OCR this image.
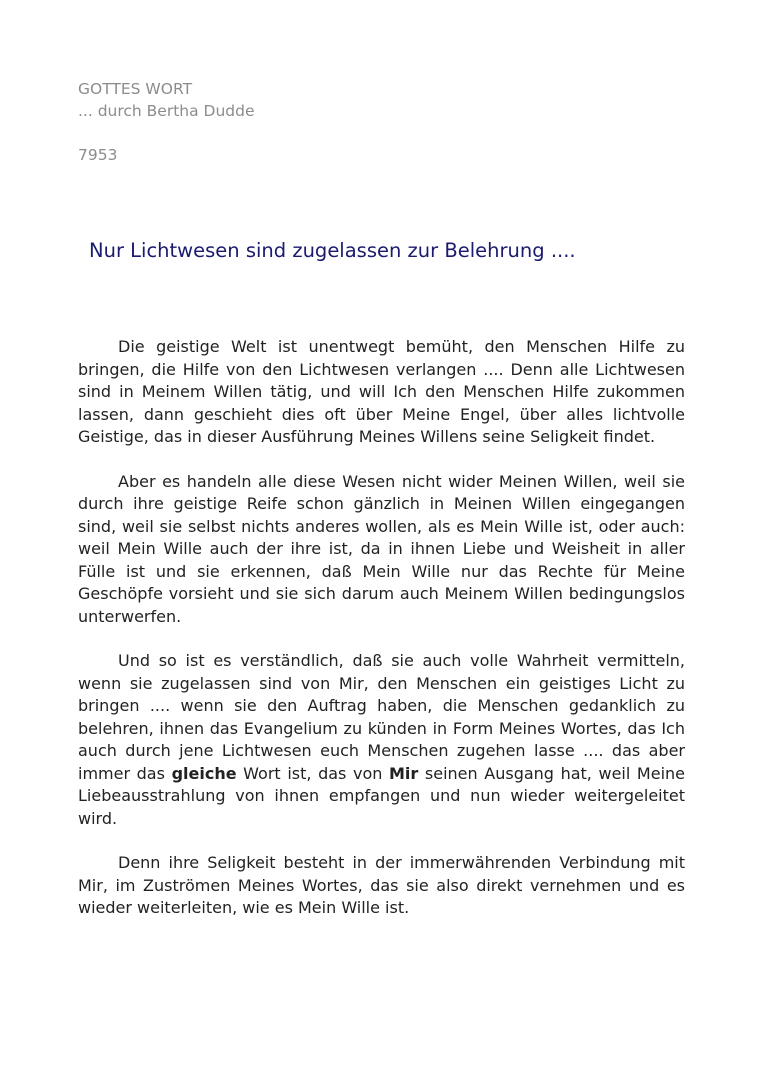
GOTTES WORT
... durch Bertha Dudde
7953
Nur Lichtwesen sind zugelassen zur Belehrung ....

Die geistige Welt ist unentwegt bemüht, den Menschen Hilfe zu bringen, die Hilfe von den Lichtwesen verlangen .... Denn alle Lichtwesen sind in Meinem Willen tätig, und will Ich den Menschen Hilfe zukommen lassen, dann geschieht dies oft über Meine Engel, über alles lichtvolle Geistige, das in dieser Ausführung Meines Willens seine Seligkeit findet.

Aber es handeln alle diese Wesen nicht wider Meinen Willen, weil sie durch ihre geistige Reife schon gänzlich in Meinen Willen eingegangen sind, weil sie selbst nichts anderes wollen, als es Mein Wille ist, oder auch: weil Mein Wille auch der ihre ist, da in ihnen Liebe und Weisheit in aller Fülle ist und sie erkennen, daß Mein Wille nur das Rechte für Meine Geschöpfe vorsieht und sie sich darum auch Meinem Willen bedingungslos unterwerfen.

Und so ist es verständlich, daß sie auch volle Wahrheit vermitteln, wenn sie zugelassen sind von Mir, den Menschen ein geistiges Licht zu bringen .... wenn sie den Auftrag haben, die Menschen gedanklich zu belehren, ihnen das Evangelium zu künden in Form Meines Wortes, das Ich auch durch jene Lichtwesen euch Menschen zugehen lasse .... das aber immer das gleiche Wort ist, das von Mir seinen Ausgang hat, weil Meine Liebeausstrahlung von ihnen empfangen und nun wieder weitergeleitet wird.

Denn ihre Seligkeit besteht in der immerwährenden Verbindung mit Mir, im Zuströmen Meines Wortes, das sie also direkt vernehmen und es wieder weiterleiten, wie es Mein Wille ist.
